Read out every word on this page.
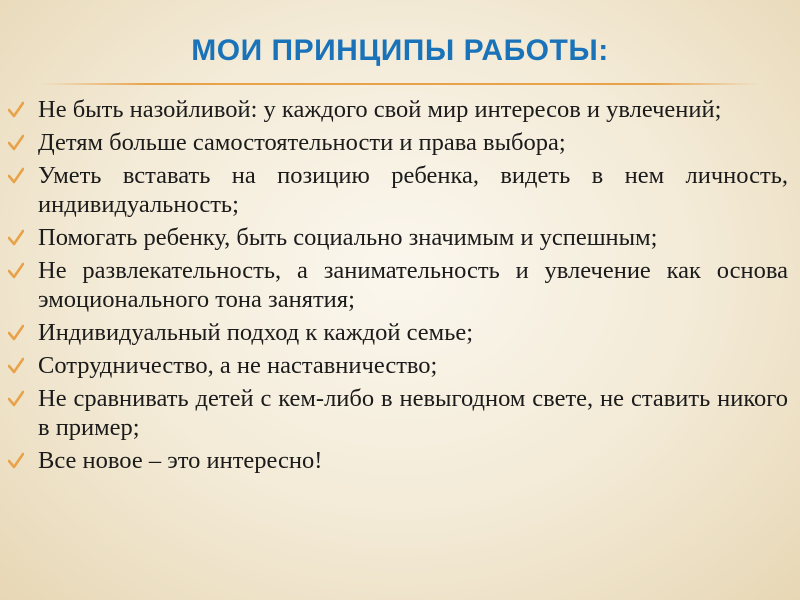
МОИ ПРИНЦИПЫ РАБОТЫ:
Не быть назойливой: у каждого свой мир интересов и увлечений;
Детям больше самостоятельности и права выбора;
Уметь вставать на позицию ребенка, видеть в нем личность, индивидуальность;
Помогать ребенку, быть социально значимым и успешным;
Не развлекательность, а занимательность и увлечение как основа эмоционального тона занятия;
Индивидуальный подход к каждой семье;
Сотрудничество, а не наставничество;
Не сравнивать детей с кем-либо в невыгодном свете, не ставить никого в пример;
Все новое – это интересно!
